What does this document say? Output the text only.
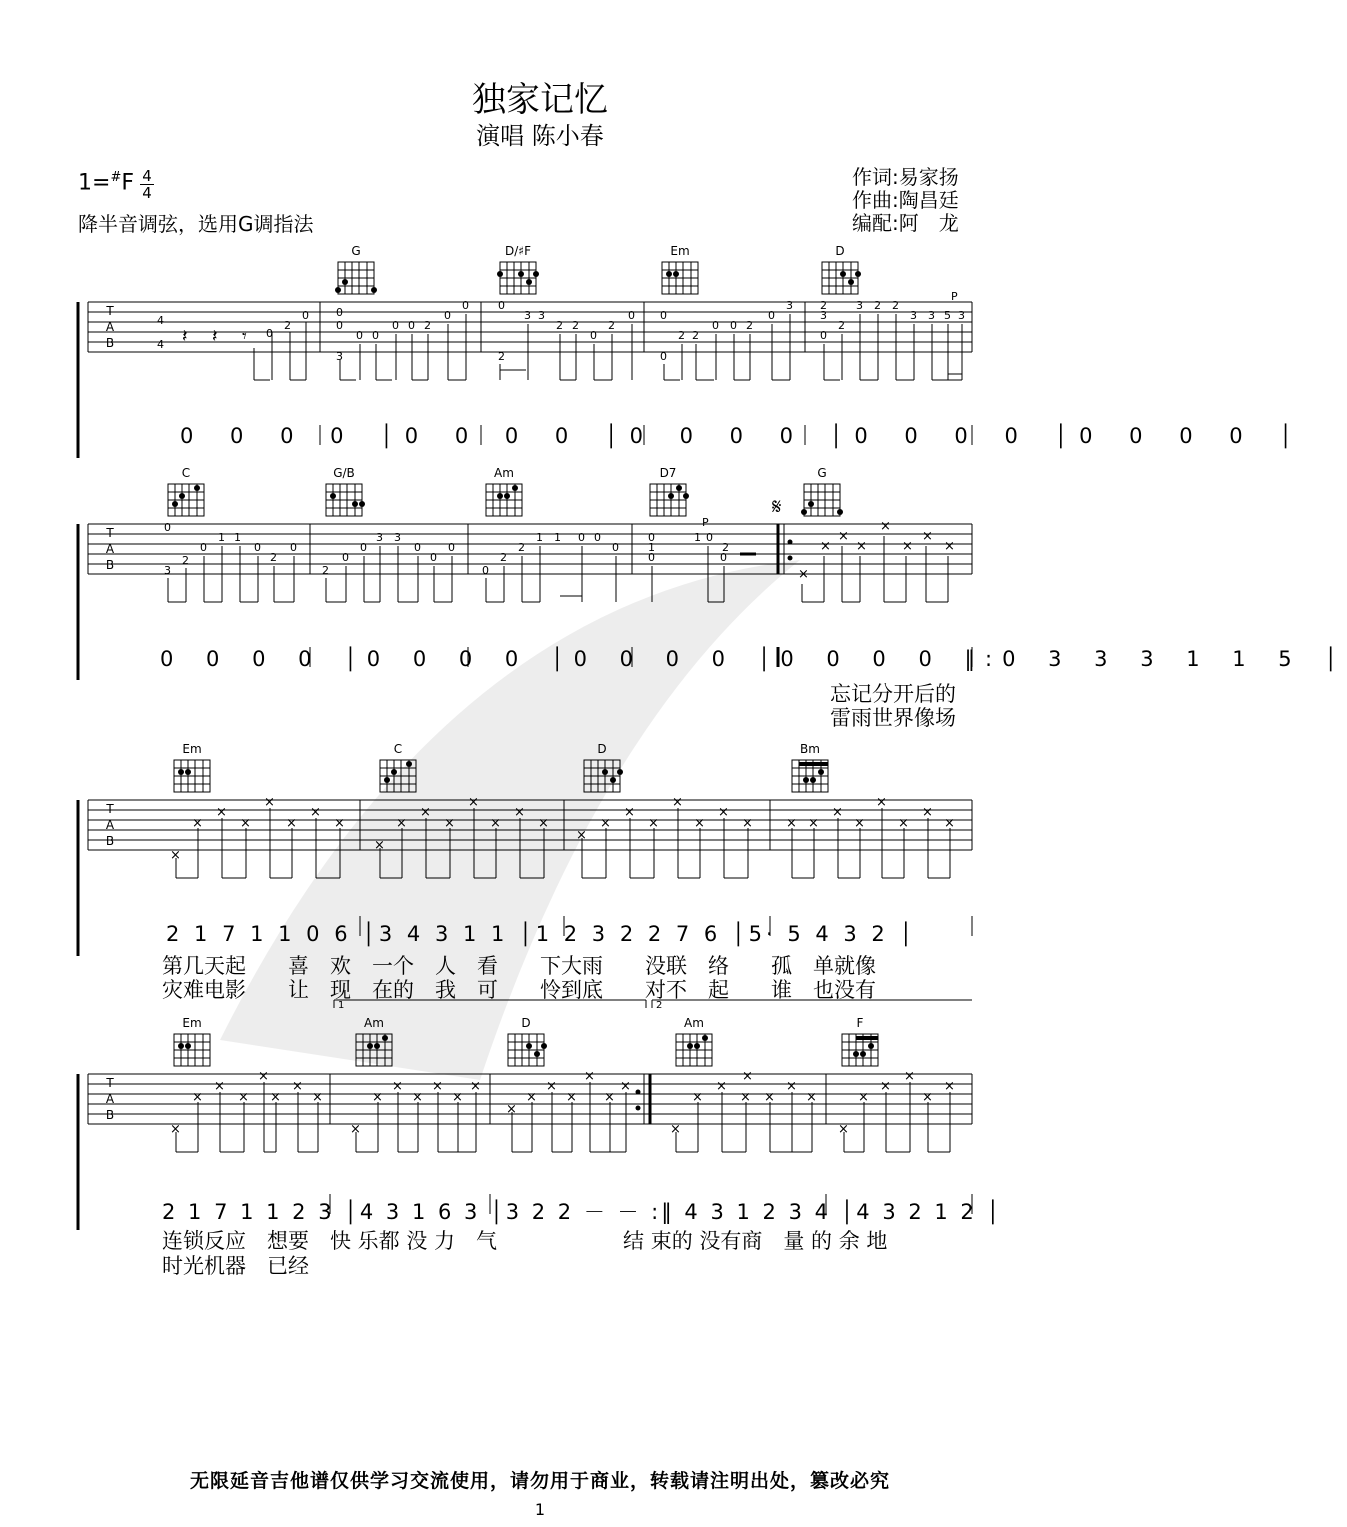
独家记忆
演唱 陈小春
1=#F 4
4
降半音调弦，选用G调指法
作词:易家扬
作曲:陶昌廷
编配:阿　龙
4
4
2
0
0
0
0
3
0 0
0 0 2
0
0	0
2
3 3
2 2
0
2
0 0
0
2 2
0 0 2
0
3 2
3
0
2
3 2 2
3 3 5 3
P
𝄽 𝄽 𝄾
G	D/♯F	Em	D
T
A
B
0 0 0 0 │0 0 0 0 │0 0 0 0 │0 0 0 0 │0 0 0 0 │
𝄋
0
3
2
0
1 1
0
2
0
2
0
0
3 3
0
0
0
0
2
2
1 1 0 0
0
0
1
0
1 0
2
0
P
×
×
×
×
×
×
×
×
C	G/B	Am	D7	G
T
A
B
0 0 0 0 │0 0 0 0 │0 0 0 0 │0 0 0 0 ‖:0 3 3 3 1 1 5 │
忘记分开后的
雷雨世界像场
×
×
×
×
×
×
×
×
×
×
×
×
×
×
×
×
×
×
×
×
×
×
×
×	× ×
×
×
×
×
×
×
Em	C	D	Bm
T
A
B
2 1 7 1 1 0 6 │3 4 3 1 1 │1 2 3 2 2 7 6 │5· 5 4 3 2 │
第几天起　　喜　欢　一个　人　看　　下大雨　　没联　络　　孤　单就像
灾难电影　　让　现　在的　我　可　　怜到底　　对不　起　　谁　也没有
1	2
×
×
×
×
×
×
×
×
×
×
×
×
×
×
×
×
×
×
×
×
×
×
×
×
×
×
×
×
×
×
×
×
×
×
×
×
Em	Am	D	Am	F
T
A
B
2 1 7 1 1 2 3 │4 3 1 6 3 │3 2 2 － － :‖ 4 3 1 2 3 4 │4 3 2 1 2 │
连锁反应　想要　快 乐都 没 力　气　　　　　　结 束的 没有商　量 的 余 地
时光机器　已经
无限延音吉他谱仅供学习交流使用，请勿用于商业，转载请注明出处，篡改必究
1
